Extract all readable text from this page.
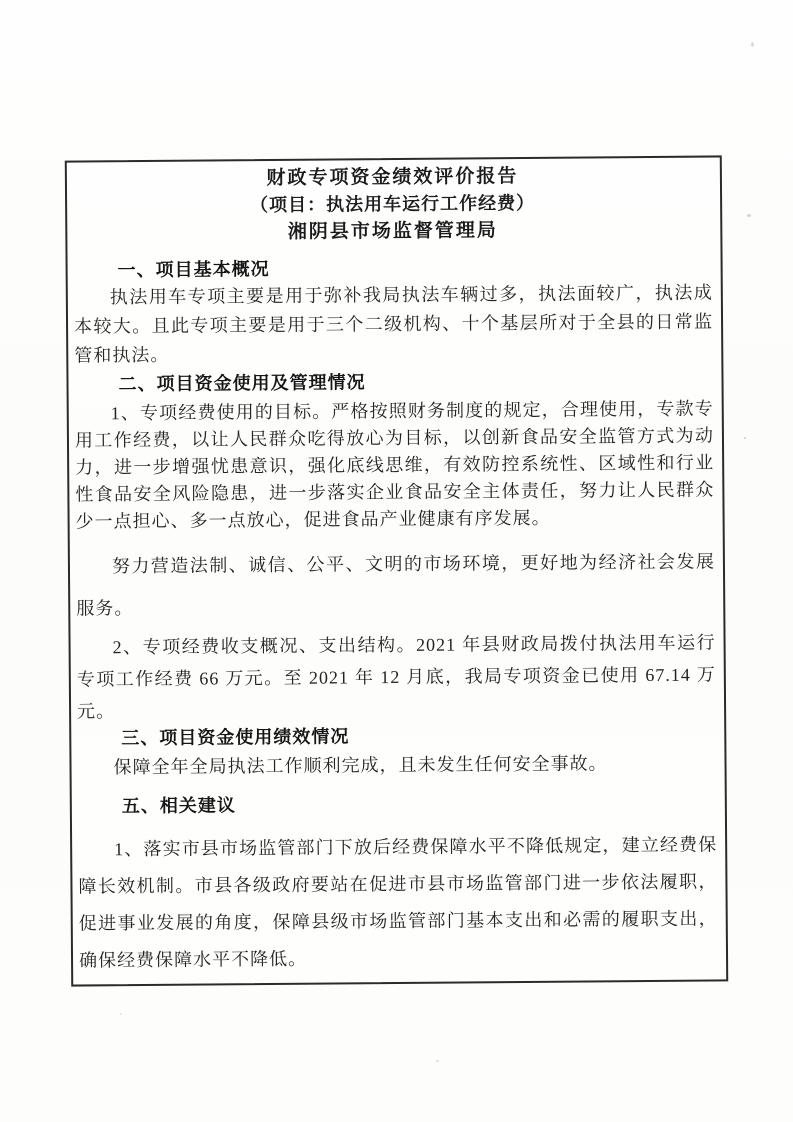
财政专项资金绩效评价报告
（项目：执法用车运行工作经费）
湘阴县市场监督管理局
一、项目基本概况

执法用车专项主要是用于弥补我局执法车辆过多，执法面较广，执法成本较大。且此专项主要是用于三个二级机构、十个基层所对于全县的日常监管和执法。

二、项目资金使用及管理情况

1、专项经费使用的目标。严格按照财务制度的规定，合理使用，专款专用工作经费，以让人民群众吃得放心为目标，以创新食品安全监管方式为动力，进一步增强忧患意识，强化底线思维，有效防控系统性、区域性和行业性食品安全风险隐患，进一步落实企业食品安全主体责任，努力让人民群众少一点担心、多一点放心，促进食品产业健康有序发展。

努力营造法制、诚信、公平、文明的市场环境，更好地为经济社会发展服务。

2、专项经费收支概况、支出结构。2021 年县财政局拨付执法用车运行专项工作经费 66 万元。至 2021 年 12 月底，我局专项资金已使用 67.14 万元。

三、项目资金使用绩效情况

保障全年全局执法工作顺利完成，且未发生任何安全事故。

五、相关建议

1、落实市县市场监管部门下放后经费保障水平不降低规定，建立经费保障长效机制。市县各级政府要站在促进市县市场监管部门进一步依法履职，促进事业发展的角度，保障县级市场监管部门基本支出和必需的履职支出，确保经费保障水平不降低。
